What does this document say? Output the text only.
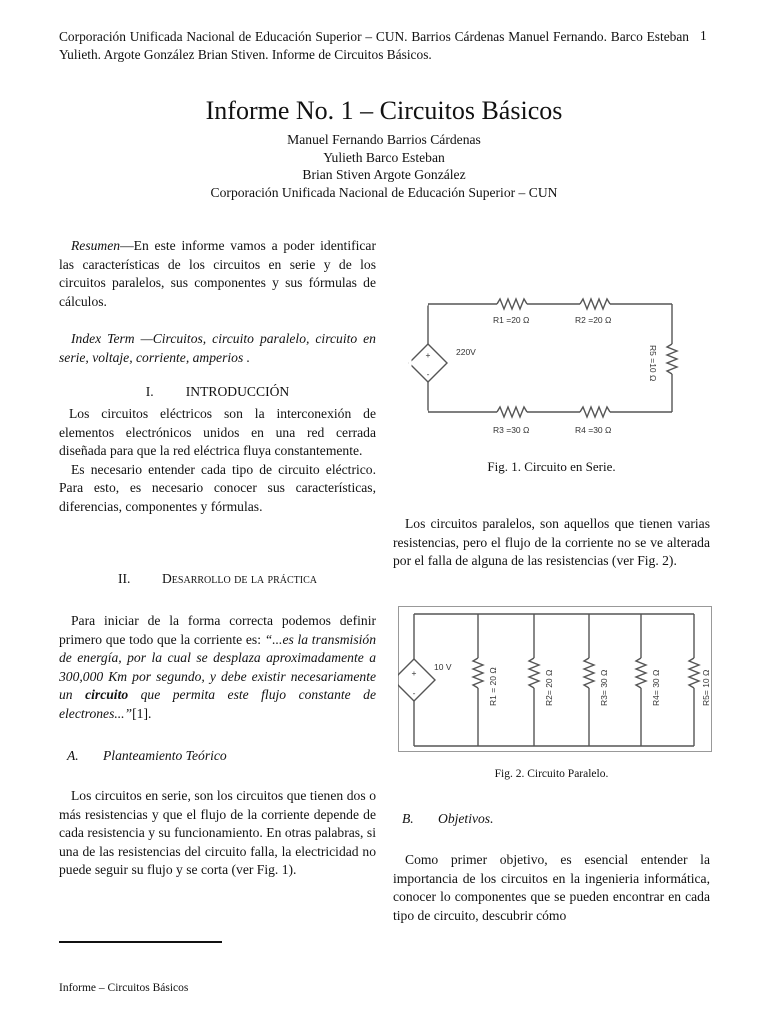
Corporación Unificada Nacional de Educación Superior – CUN. Barrios Cárdenas Manuel Fernando. Barco Esteban Yulieth. Argote González Brian Stiven. Informe de Circuitos Básicos.
1
Informe No. 1 – Circuitos Básicos
Manuel Fernando Barrios Cárdenas
Yulieth Barco Esteban
Brian Stiven Argote González
Corporación Unificada Nacional de Educación Superior – CUN

Resumen—En este informe vamos a poder identificar las características de los circuitos en serie y de los circuitos paralelos, sus componentes y sus fórmulas de cálculos.

Index Term —Circuitos, circuito paralelo, circuito en serie, voltaje, corriente, amperios .

I. INTRODUCCIÓN

Los circuitos eléctricos son la interconexión de elementos electrónicos unidos en una red cerrada diseñada para que la red eléctrica fluya constantemente.

Es necesario entender cada tipo de circuito eléctrico. Para esto, es necesario conocer sus características, diferencias, componentes y fórmulas.

II. Desarrollo de la práctica

Para iniciar de la forma correcta podemos definir primero que todo que la corriente es: “...es la transmisión de energía, por la cual se desplaza aproximadamente a 300,000 Km por segundo, y debe existir necesariamente un circuito que permita este flujo constante de electrones...”[1].

A. Planteamiento Teórico

Los circuitos en serie, son los circuitos que tienen dos o más resistencias y que el flujo de la corriente depende de cada resistencia y su funcionamiento. En otras palabras, si una de las resistencias del circuito falla, la electricidad no puede seguir su flujo y se corta (ver Fig. 1).

+
-
220V
R1 =20 Ω	R2 =20 Ω
R3 =30 Ω	R4 =30 Ω
R5 =10 Ω
Fig. 1. Circuito en Serie.

Los circuitos paralelos, son aquellos que tienen varias resistencias, pero el flujo de la corriente no se ve alterada por el falla de alguna de las resistencias (ver Fig. 2).

+
-
10 V
R1 = 20 Ω	R2= 20 Ω	R3= 30 Ω	R4= 30 Ω	R5= 10 Ω
Fig. 2. Circuito Paralelo.
B. Objetivos.

Como primer objetivo, es esencial entender la importancia de los circuitos en la ingenieria informática, conocer lo componentes que se pueden encontrar en cada tipo de circuito, descubrir cómo

Informe – Circuitos Básicos
